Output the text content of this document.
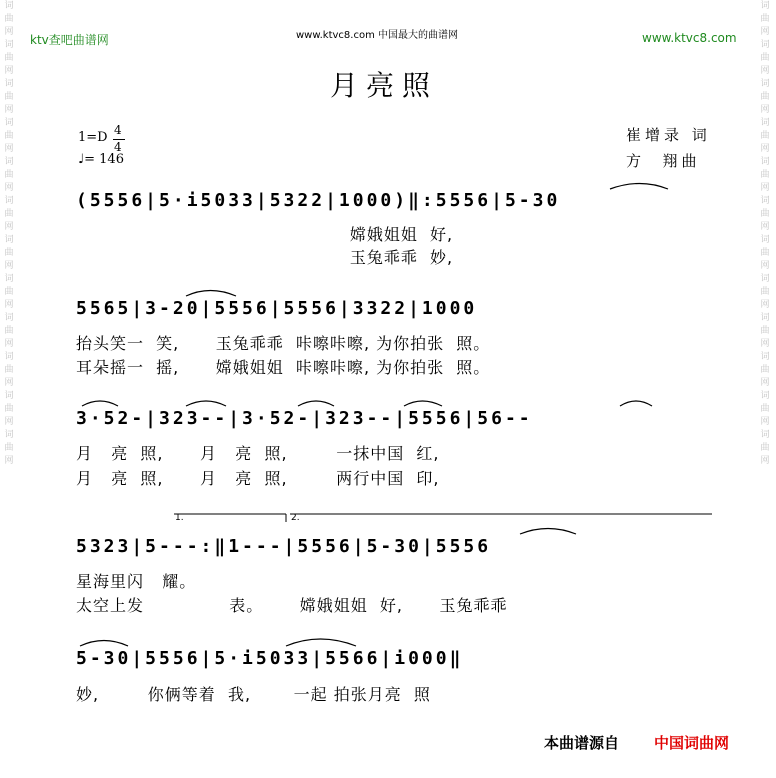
词曲网词曲网词曲网词曲网词曲网词曲网词曲网词曲网词曲网词曲网词曲网词曲网
词曲网词曲网词曲网词曲网词曲网词曲网词曲网词曲网词曲网词曲网词曲网词曲网
ktv查吧曲谱网	www.ktvc8.com 中国最大的曲谱网	www.ktvc8.com
月亮照
1=D 4
4
♩= 146
崔增录 词
方  翔曲
(5556|5·i5033|5322|1000)‖:5556|5-30
嫦娥姐姐  好,
玉兔乖乖  妙,
5565|3-20|5556|5556|3322|1000
抬头笑一  笑,      玉兔乖乖  咔嚓咔嚓, 为你拍张  照。
耳朵摇一  摇,      嫦娥姐姐  咔嚓咔嚓, 为你拍张  照。
3·52-|323--|3·52-|323--|5556|56--
月   亮  照,      月   亮  照,        一抹中国  红,
月   亮  照,      月   亮  照,        两行中国  印,
1.	2.
5323|5---:‖1---|5556|5-30|5556
星海里闪   耀。
太空上发              表。      嫦娥姐姐  好,      玉兔乖乖
5-30|5556|5·i5033|5566|i000‖
妙,        你俩等着  我,       一起 拍张月亮  照
本曲谱源自 中国词曲网
